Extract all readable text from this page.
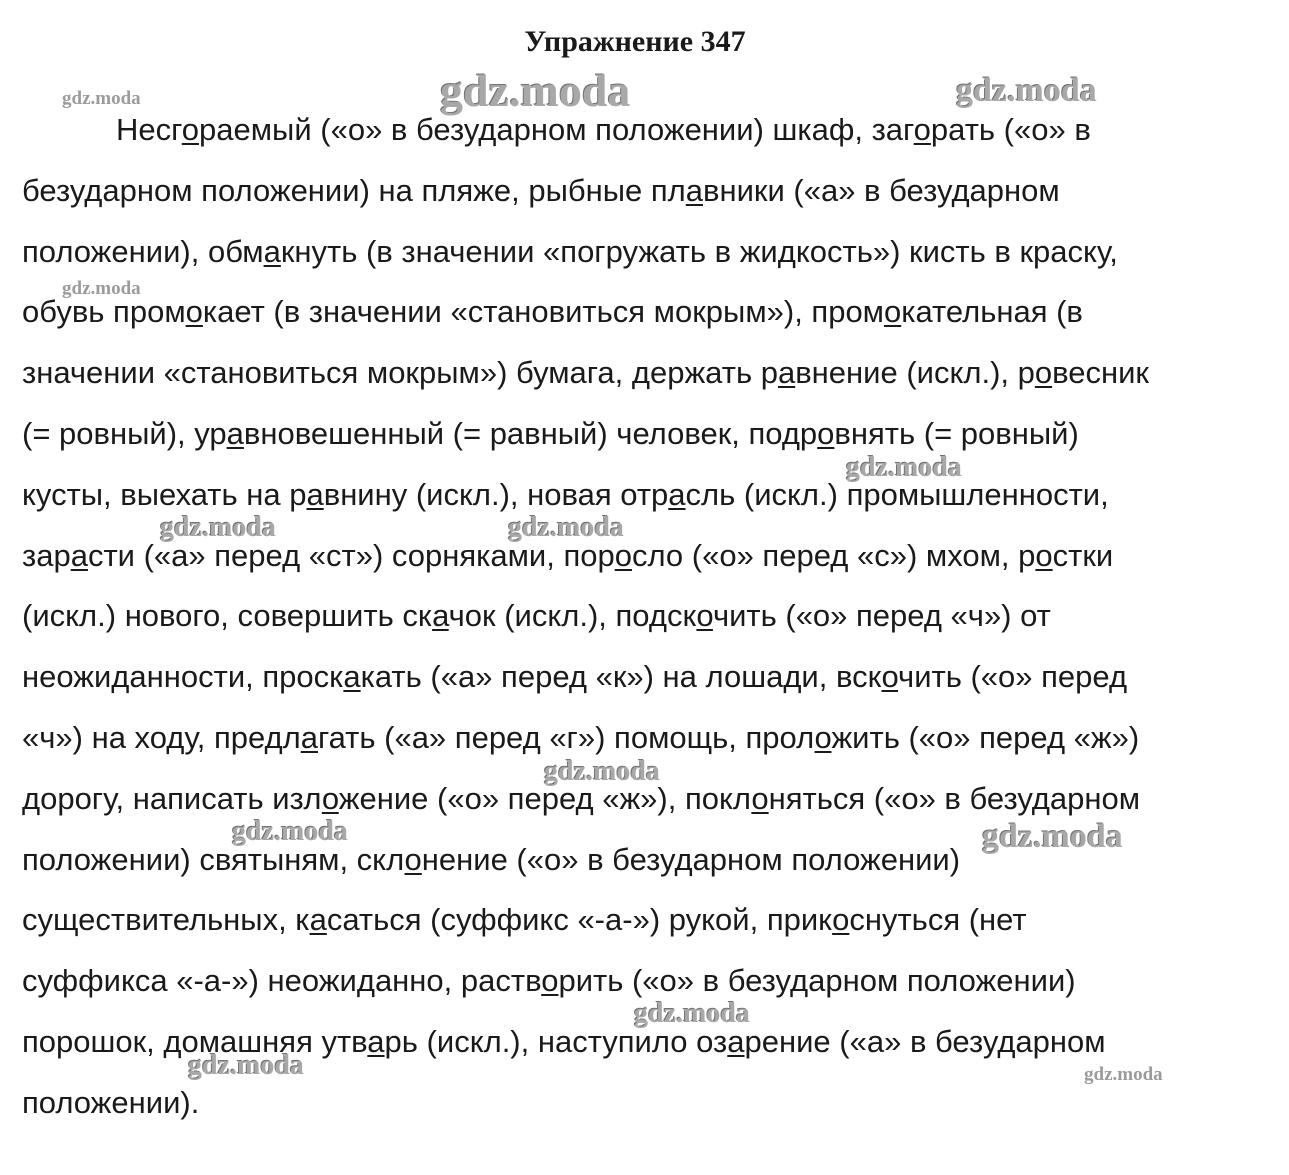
Упражнение 347
Несгораемый («о» в безударном положении) шкаф, загорать («о» в
безударном положении) на пляже, рыбные плавники («а» в безударном
положении), обмакнуть (в значении «погружать в жидкость») кисть в краску,
обувь промокает (в значении «становиться мокрым»), промокательная (в
значении «становиться мокрым») бумага, держать равнение (искл.), ровесник
(= ровный), уравновешенный (= равный) человек, подровнять (= ровный)
кусты, выехать на равнину (искл.), новая отрасль (искл.) промышленности,
зарасти («а» перед «ст») сорняками, поросло («о» перед «с») мхом, ростки
(искл.) нового, совершить скачок (искл.), подскочить («о» перед «ч») от
неожиданности, проскакать («а» перед «к») на лошади, вскочить («о» перед
«ч») на ходу, предлагать («а» перед «г») помощь, проложить («о» перед «ж»)
дорогу, написать изложение («о» перед «ж»), поклоняться («о» в безударном
положении) святыням, склонение («о» в безударном положении)
существительных, касаться (суффикс «-а-») рукой, прикоснуться (нет
суффикса «-а-») неожиданно, растворить («о» в безударном положении)
порошок, домашняя утварь (искл.), наступило озарение («а» в безударном
положении).
gdz.moda	gdz.moda	gdz.moda
gdz.moda
gdz.moda
gdz.moda	gdz.moda
gdz.moda
gdz.moda	gdz.moda
gdz.moda
gdz.moda	gdz.moda
